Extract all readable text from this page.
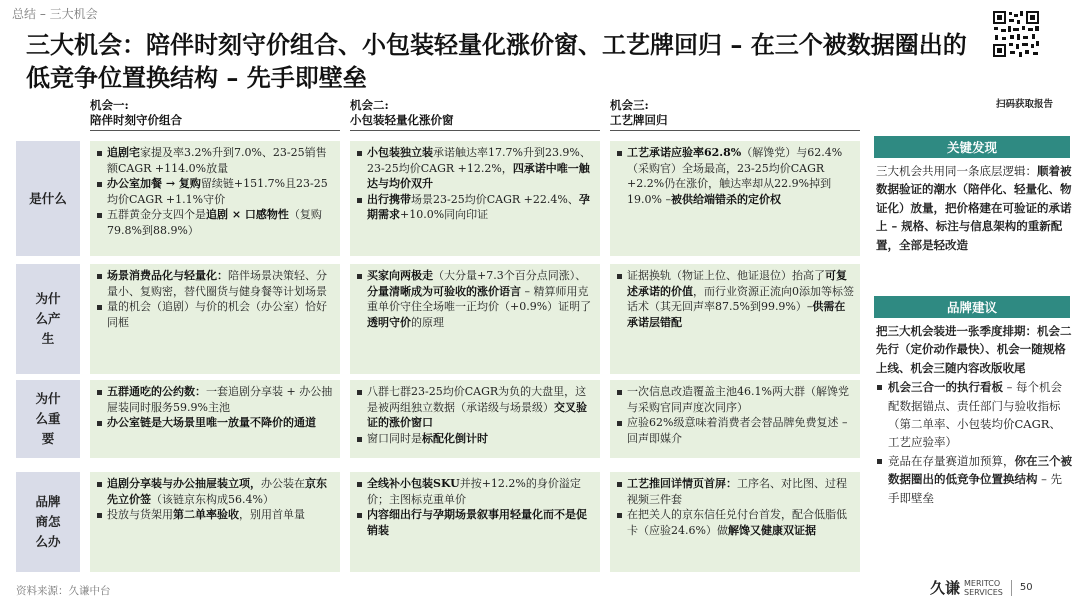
总结 – 三大机会
三大机会：陪伴时刻守价组合、小包装轻量化涨价窗、工艺牌回归 – 在三个被数据圈出的低竞争位置换结构 – 先手即壁垒
扫码获取报告
机会一:
陪伴时刻守价组合
机会二:
小包装轻量化涨价窗
机会三:
工艺牌回归
是什么
追剧宅家提及率3.2%升到7.0%、23-25销售额CAGR +114.0%放量
办公室加餐 → 复购留续链+151.7%且23-25均价CAGR +1.1%守价
五群黄金分支四个是追剧 × 口感物性（复购79.8%到88.9%）
小包装独立装承诺触达率17.7%升到23.9%、23-25均价CAGR +12.2%，四承诺中唯一触达与均价双升
出行携带场景23-25均价CAGR +22.4%、孕期需求+10.0%同向印证
工艺承诺应验率62.8%（解馋党）与62.4%（采购官）全场最高，23-25均价CAGR +2.2%仍在涨价，触达率却从22.9%掉到19.0% –被供给端错杀的定价权
为什么产生
场景消费品化与轻量化：陪伴场景决策轻、分量小、复购密，替代圈货与健身餐等计划场景
量的机会（追剧）与价的机会（办公室）恰好同框
买家向两极走（大分量+7.3个百分点同涨）、分量清晰成为可验收的涨价语言 – 精算师用克重单价守住全场唯一正均价（+0.9%）证明了透明守价的原理
证据换轨（物证上位、他证退位）抬高了可复述承诺的价值，而行业资源正流向0添加等标签话术（其无回声率87.5%到99.9%）–供需在承诺层错配
为什么重要
五群通吃的公约数：一套追剧分享装 + 办公抽屉装同时服务59.9%主池
办公室链是大场景里唯一放量不降价的通道
八群七群23-25均价CAGR为负的大盘里，这是被两组独立数据（承诺级与场景级）交叉验证的涨价窗口
窗口同时是标配化倒计时
一次信息改造覆盖主池46.1%两大群（解馋党与采购官同声度次同序）
应验62%级意味着消费者会替品牌免费复述 – 回声即媒介
品牌商怎么办
追剧分享装与办公抽屉装立项，办公装在京东先立价签（该链京东构成56.4%）
投放与货架用第二单率验收，别用首单量
全线补小包装SKU并按+12.2%的身价溢定价；主图标克重单价
内容细出行与孕期场景叙事用轻量化而不是促销装
工艺推回详情页首屏：工序名、对比图、过程视频三件套
在把关人的京东信任兑付台首发，配合低脂低卡（应验24.6%）做解馋又健康双证据
关键发现
三大机会共用同一条底层逻辑：顺着被数据验证的潮水（陪伴化、轻量化、物证化）放量，把价格建在可验证的承诺上 – 规格、标注与信息架构的重新配置，全部是轻改造
品牌建议
把三大机会装进一张季度排期：机会二先行（定价动作最快）、机会一随规格上线、机会三随内容改版收尾
机会三合一的执行看板 – 每个机会配数据锚点、责任部门与验收指标（第二单率、小包装均价CAGR、工艺应验率）
竞品在存量赛道加预算，你在三个被数据圈出的低竞争位置换结构 – 先手即壁垒
资料来源：久谦中台	久谦 MERITCO
SERVICES 50
